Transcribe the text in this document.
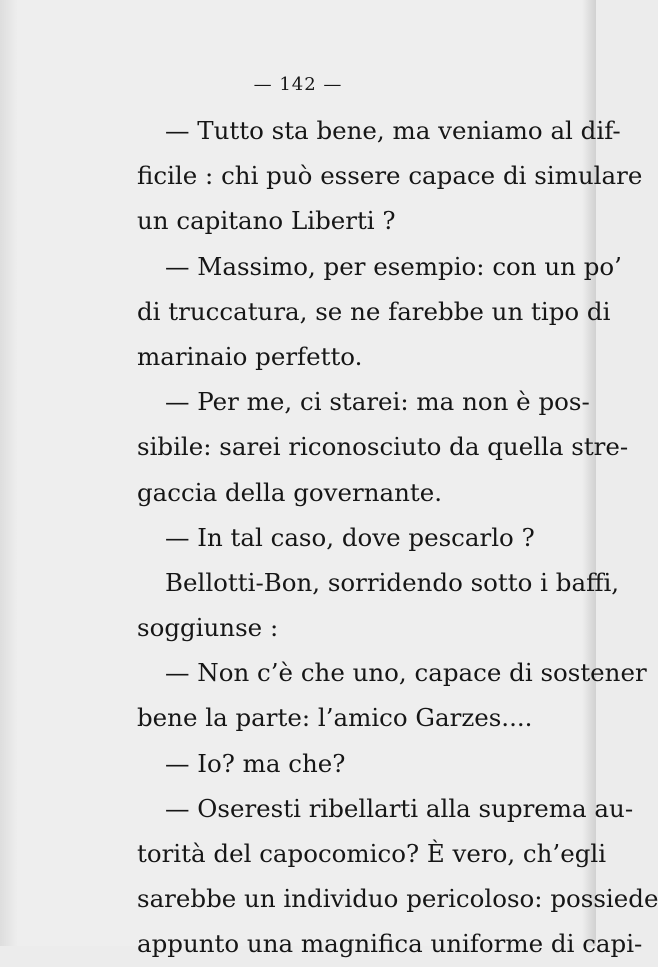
— 142 —
— Tutto sta bene, ma veniamo al dif-
ficile : chi può essere capace di simulare
un capitano Liberti ?
— Massimo, per esempio: con un po’
di truccatura, se ne farebbe un tipo di
marinaio perfetto.
— Per me, ci starei: ma non è pos-
sibile: sarei riconosciuto da quella stre-
gaccia della governante.
— In tal caso, dove pescarlo ?
Bellotti-Bon, sorridendo sotto i baffi,
soggiunse :
— Non c’è che uno, capace di sostener
bene la parte: l’amico Garzes....
— Io? ma che?
— Oseresti ribellarti alla suprema au-
torità del capocomico? È vero, ch’egli
sarebbe un individuo pericoloso: possiede
appunto una magnifica uniforme di capi-
